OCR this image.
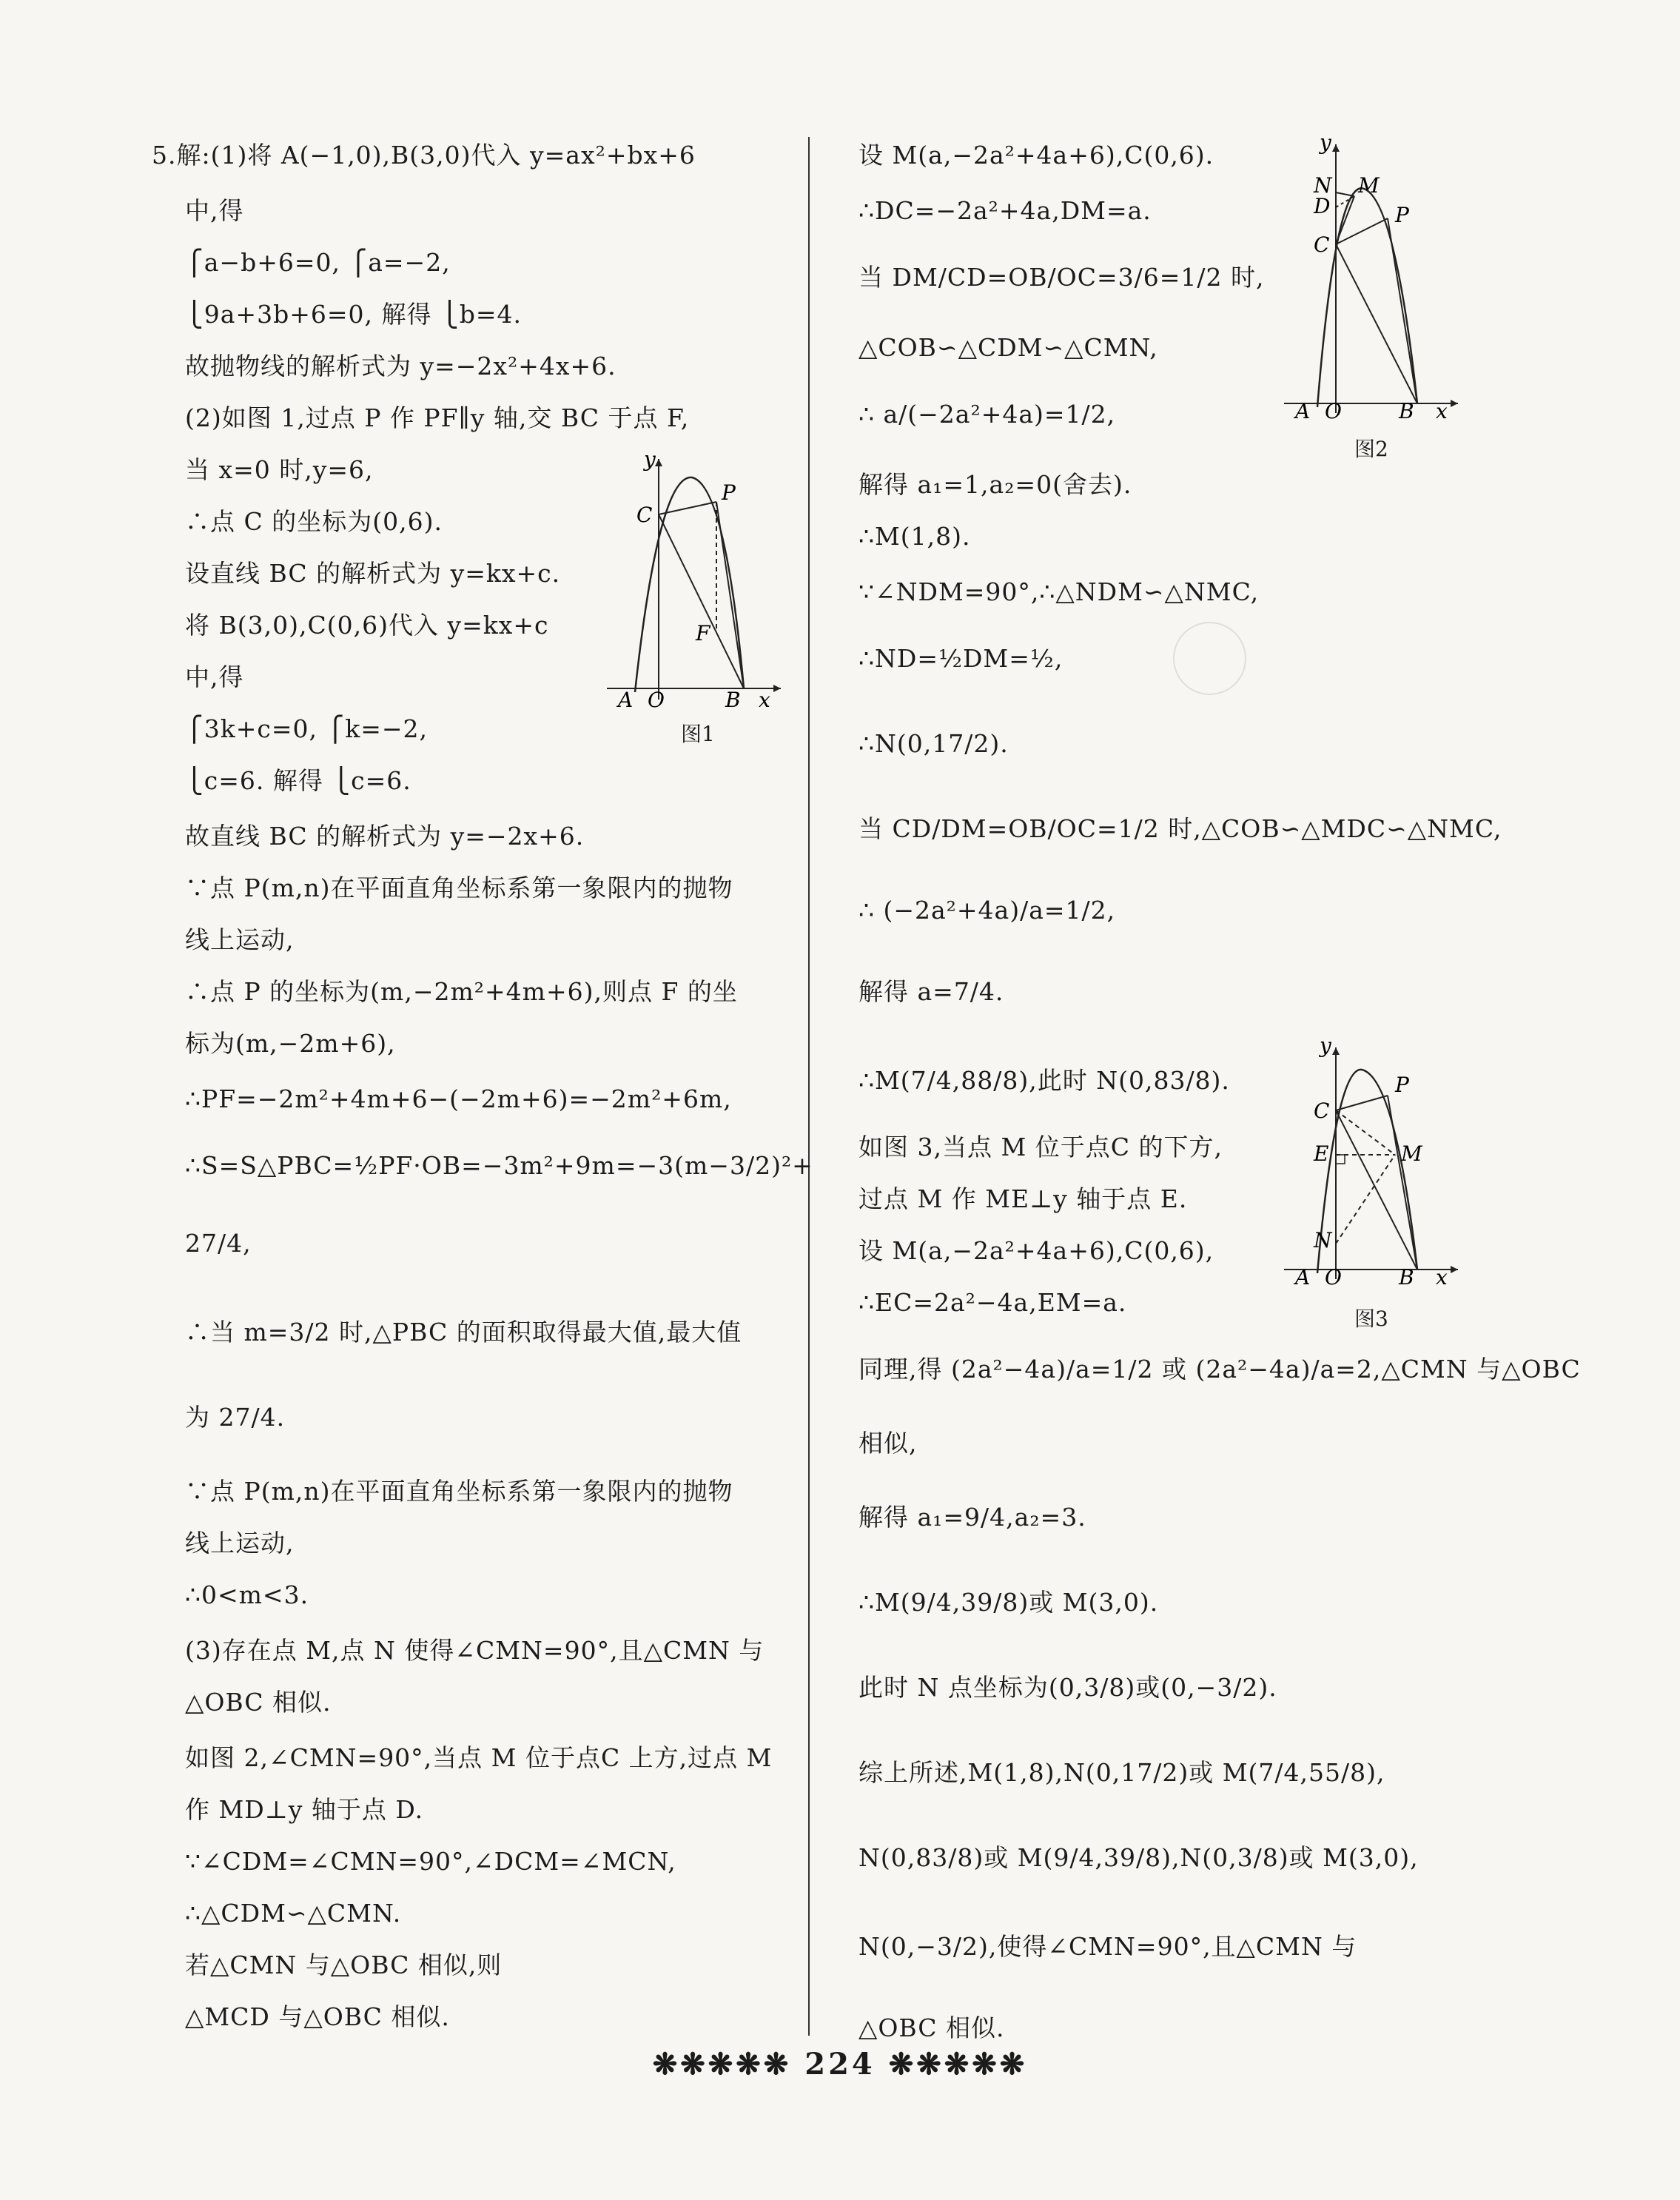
5.解:(1)将 A(−1,0),B(3,0)代入 y=ax²+bx+6
中,得
⎧a−b+6=0, ⎧a=−2,
⎩9a+3b+6=0, 解得 ⎩b=4.
故抛物线的解析式为 y=−2x²+4x+6.
(2)如图 1,过点 P 作 PF∥y 轴,交 BC 于点 F,
当 x=0 时,y=6,
∴点 C 的坐标为(0,6).
设直线 BC 的解析式为 y=kx+c.
将 B(3,0),C(0,6)代入 y=kx+c
中,得
⎧3k+c=0, ⎧k=−2,
⎩c=6. 解得 ⎩c=6.
故直线 BC 的解析式为 y=−2x+6.
∵点 P(m,n)在平面直角坐标系第一象限内的抛物
线上运动,
∴点 P 的坐标为(m,−2m²+4m+6),则点 F 的坐
标为(m,−2m+6),
∴PF=−2m²+4m+6−(−2m+6)=−2m²+6m,
∴S=S△PBC=½PF·OB=−3m²+9m=−3(m−3/2)²+
27/4,
∴当 m=3/2 时,△PBC 的面积取得最大值,最大值
为 27/4.
∵点 P(m,n)在平面直角坐标系第一象限内的抛物
线上运动,
∴0<m<3.
(3)存在点 M,点 N 使得∠CMN=90°,且△CMN 与
△OBC 相似.
如图 2,∠CMN=90°,当点 M 位于点C 上方,过点 M
作 MD⊥y 轴于点 D.
∵∠CDM=∠CMN=90°,∠DCM=∠MCN,
∴△CDM∽△CMN.
若△CMN 与△OBC 相似,则
△MCD 与△OBC 相似.
设 M(a,−2a²+4a+6),C(0,6).
∴DC=−2a²+4a,DM=a.
当 DM/CD=OB/OC=3/6=1/2 时,
△COB∽△CDM∽△CMN,
∴ a/(−2a²+4a)=1/2,
解得 a₁=1,a₂=0(舍去).
∴M(1,8).
∵∠NDM=90°,∴△NDM∽△NMC,
∴ND=½DM=½,
∴N(0,17/2).
当 CD/DM=OB/OC=1/2 时,△COB∽△MDC∽△NMC,
∴ (−2a²+4a)/a=1/2,
解得 a=7/4.
∴M(7/4,88/8),此时 N(0,83/8).
如图 3,当点 M 位于点C 的下方,
过点 M 作 ME⊥y 轴于点 E.
设 M(a,−2a²+4a+6),C(0,6),
∴EC=2a²−4a,EM=a.
同理,得 (2a²−4a)/a=1/2 或 (2a²−4a)/a=2,△CMN 与△OBC
相似,
解得 a₁=9/4,a₂=3.
∴M(9/4,39/8)或 M(3,0).
此时 N 点坐标为(0,3/8)或(0,−3/2).
综上所述,M(1,8),N(0,17/2)或 M(7/4,55/8),
N(0,83/8)或 M(9/4,39/8),N(0,3/8)或 M(3,0),
N(0,−3/2),使得∠CMN=90°,且△CMN 与
△OBC 相似.
y
P
C
F
A O	B x
图1
y
N M
D	P
C
A O	B x
图2
y
P
C
E	M
N
A O	B x
图3
❋❋❋❋❋ 224 ❋❋❋❋❋
